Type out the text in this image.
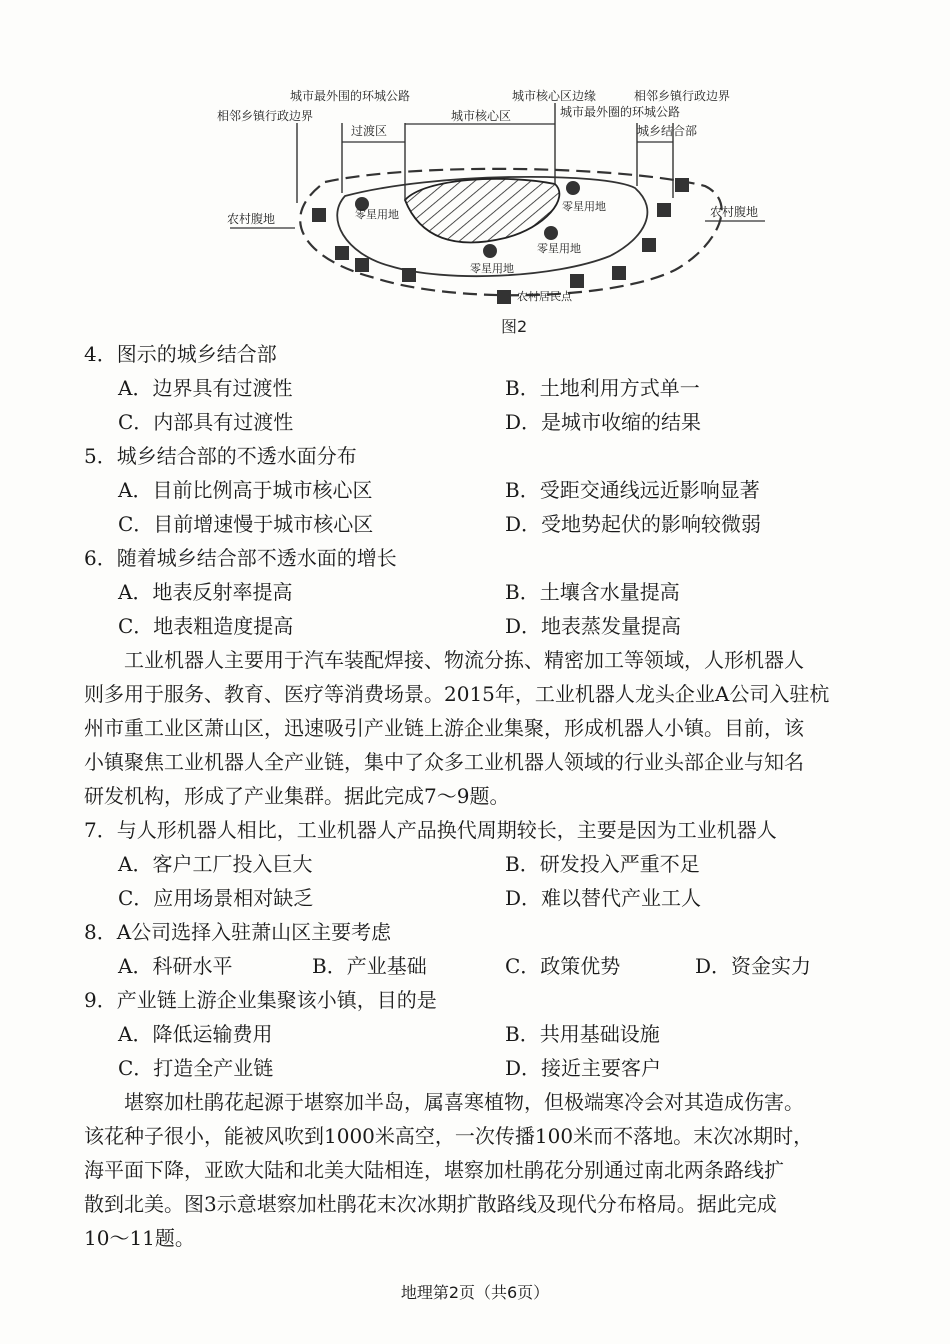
城市最外围的环城公路	城市核心区边缘	相邻乡镇行政边界
相邻乡镇行政边界
过渡区
城市核心区	城市最外圈的环城公路
城乡结合部
农村腹地	农村腹地
零星用地
零星用地
零星用地
零星用地
农村居民点
图2
4．图示的城乡结合部
A．边界具有过渡性	B．土地利用方式单一
C．内部具有过渡性	D．是城市收缩的结果
5．城乡结合部的不透水面分布
A．目前比例高于城市核心区	B．受距交通线远近影响显著
C．目前增速慢于城市核心区	D．受地势起伏的影响较微弱
6．随着城乡结合部不透水面的增长
A．地表反射率提高	B．土壤含水量提高
C．地表粗造度提高	D．地表蒸发量提高
工业机器人主要用于汽车装配焊接、物流分拣、精密加工等领域，人形机器人
则多用于服务、教育、医疗等消费场景。2015年，工业机器人龙头企业A公司入驻杭
州市重工业区萧山区，迅速吸引产业链上游企业集聚，形成机器人小镇。目前，该
小镇聚焦工业机器人全产业链，集中了众多工业机器人领域的行业头部企业与知名
研发机构，形成了产业集群。据此完成7～9题。
7．与人形机器人相比，工业机器人产品换代周期较长，主要是因为工业机器人
A．客户工厂投入巨大	B．研发投入严重不足
C．应用场景相对缺乏	D．难以替代产业工人
8．A公司选择入驻萧山区主要考虑
A．科研水平	B．产业基础	C．政策优势	D．资金实力
9．产业链上游企业集聚该小镇，目的是
A．降低运输费用	B．共用基础设施
C．打造全产业链	D．接近主要客户
堪察加杜鹃花起源于堪察加半岛，属喜寒植物，但极端寒冷会对其造成伤害。
该花种子很小，能被风吹到1000米高空，一次传播100米而不落地。末次冰期时，
海平面下降，亚欧大陆和北美大陆相连，堪察加杜鹃花分别通过南北两条路线扩
散到北美。图3示意堪察加杜鹃花末次冰期扩散路线及现代分布格局。据此完成
10～11题。
地理第2页（共6页）
